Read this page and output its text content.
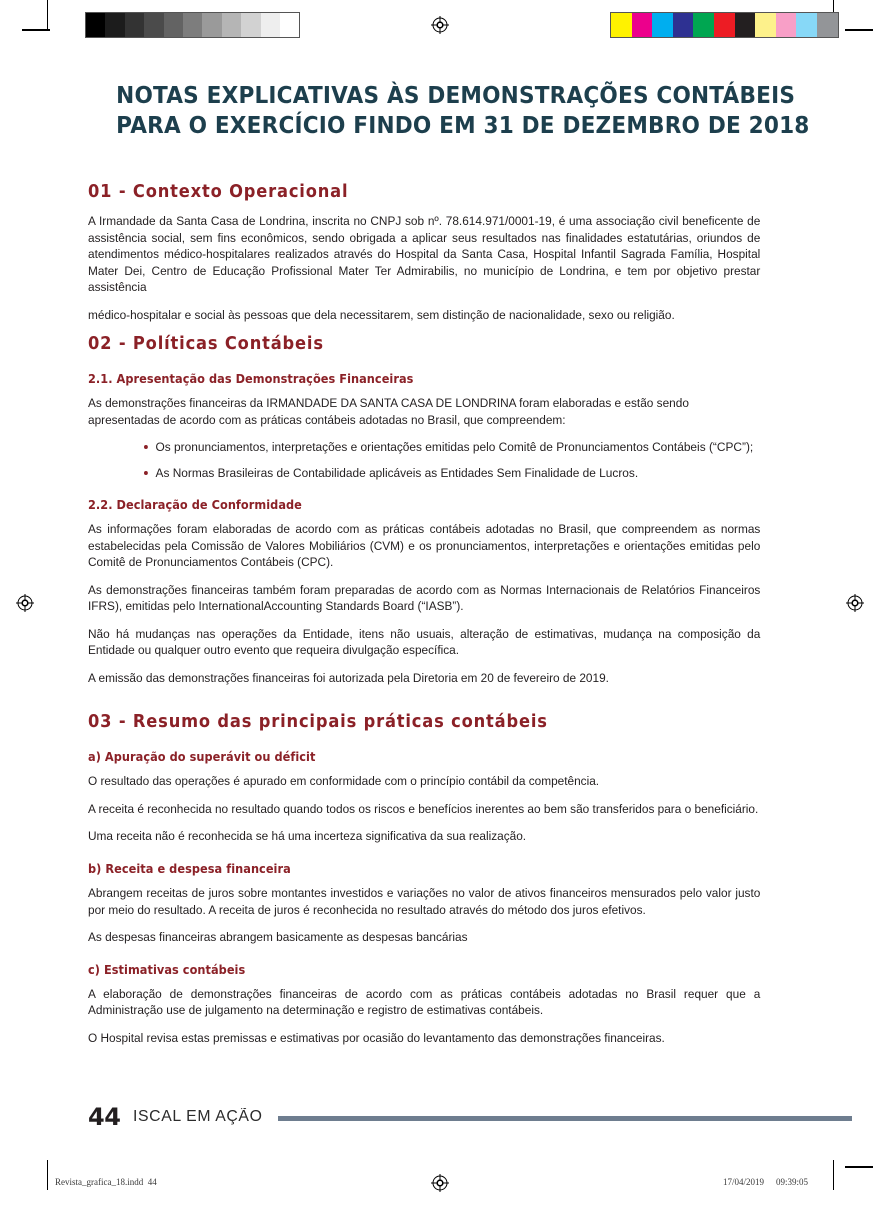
NOTAS EXPLICATIVAS ÀS DEMONSTRAÇÕES CONTÁBEIS
PARA O EXERCÍCIO FINDO EM 31 DE DEZEMBRO DE 2018
01 - Contexto Operacional

A Irmandade da Santa Casa de Londrina, inscrita no CNPJ sob nº. 78.614.971/0001-19, é uma associação civil beneficente de assistência social, sem fins econômicos, sendo obrigada a aplicar seus resultados nas finalidades estatutárias, oriundos de atendimentos médico-hospitalares realizados através do Hospital da Santa Casa, Hospital Infantil Sagrada Família, Hospital Mater Dei, Centro de Educação Profissional Mater Ter Admirabilis, no município de Londrina, e tem por objetivo prestar assistência

médico-hospitalar e social às pessoas que dela necessitarem, sem distinção de nacionalidade, sexo ou religião.

02 - Políticas Contábeis
2.1. Apresentação das Demonstrações Financeiras

As demonstrações financeiras da IRMANDADE DA SANTA CASA DE LONDRINA foram elaboradas e estão sendo apresentadas de acordo com as práticas contábeis adotadas no Brasil, que compreendem:

Os pronunciamentos, interpretações e orientações emitidas pelo Comitê de Pronunciamentos Contábeis (“CPC”);
As Normas Brasileiras de Contabilidade aplicáveis as Entidades Sem Finalidade de Lucros.
2.2. Declaração de Conformidade

As informações foram elaboradas de acordo com as práticas contábeis adotadas no Brasil, que compreendem as normas estabelecidas pela Comissão de Valores Mobiliários (CVM) e os pronunciamentos, interpretações e orientações emitidas pelo Comitê de Pronunciamentos Contábeis (CPC).

As demonstrações financeiras também foram preparadas de acordo com as Normas Internacionais de Relatórios Financeiros IFRS), emitidas pelo InternationalAccounting Standards Board (“IASB”).

Não há mudanças nas operações da Entidade, itens não usuais, alteração de estimativas, mudança na composição da Entidade ou qualquer outro evento que requeira divulgação específica.

A emissão das demonstrações financeiras foi autorizada pela Diretoria em 20 de fevereiro de 2019.

03 - Resumo das principais práticas contábeis
a) Apuração do superávit ou déficit

O resultado das operações é apurado em conformidade com o princípio contábil da competência.

A receita é reconhecida no resultado quando todos os riscos e benefícios inerentes ao bem são transferidos para o beneficiário.

Uma receita não é reconhecida se há uma incerteza significativa da sua realização.

b) Receita e despesa financeira

Abrangem receitas de juros sobre montantes investidos e variações no valor de ativos financeiros mensurados pelo valor justo por meio do resultado. A receita de juros é reconhecida no resultado através do método dos juros efetivos.

As despesas financeiras abrangem basicamente as despesas bancárias

c) Estimativas contábeis

A elaboração de demonstrações financeiras de acordo com as práticas contábeis adotadas no Brasil requer que a Administração use de julgamento na determinação e registro de estimativas contábeis.

O Hospital revisa estas premissas e estimativas por ocasião do levantamento das demonstrações financeiras.

44 ISCAL EM AÇÃO
Revista_grafica_18.indd 44	17/04/2019 09:39:05
